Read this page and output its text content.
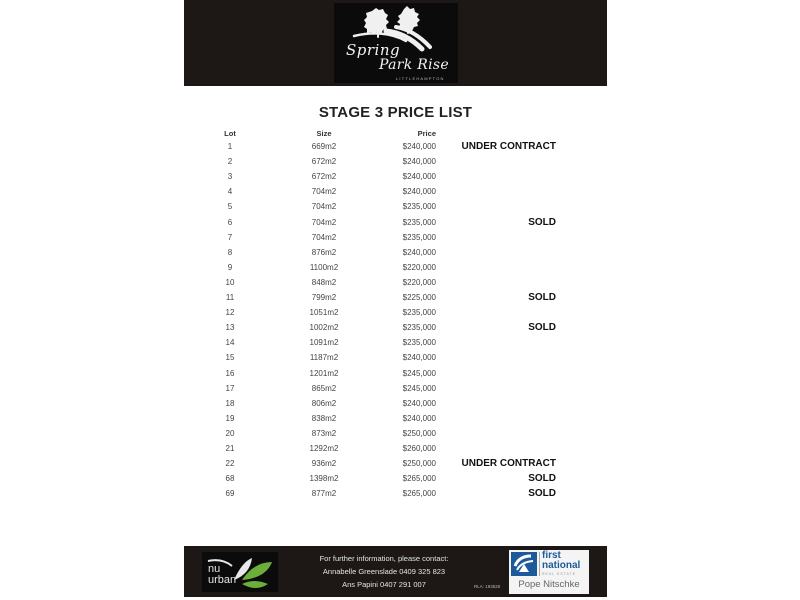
Spring
Park Rise
LITTLEHAMPTON
STAGE 3 PRICE LIST
Lot	Size	Price
1	669m2	$240,000	UNDER CONTRACT
2	672m2	$240,000
3	672m2	$240,000
4	704m2	$240,000
5	704m2	$235,000
6	704m2	$235,000	SOLD
7	704m2	$235,000
8	876m2	$240,000
9	1100m2	$220,000
10	848m2	$220,000
11	799m2	$225,000	SOLD
12	1051m2	$235,000
13	1002m2	$235,000	SOLD
14	1091m2	$235,000
15	1187m2	$240,000
16	1201m2	$245,000
17	865m2	$245,000
18	806m2	$240,000
19	838m2	$240,000
20	873m2	$250,000
21	1292m2	$260,000
22	936m2	$250,000	UNDER CONTRACT
68	1398m2	$265,000	SOLD
69	877m2	$265,000	SOLD
nu
urban
For further information, please contact:
Annabelle Greenslade 0409 325 823
Ans Papini 0407 291 007	RLA: 193520
first
national
REAL ESTATE
Pope Nitschke
